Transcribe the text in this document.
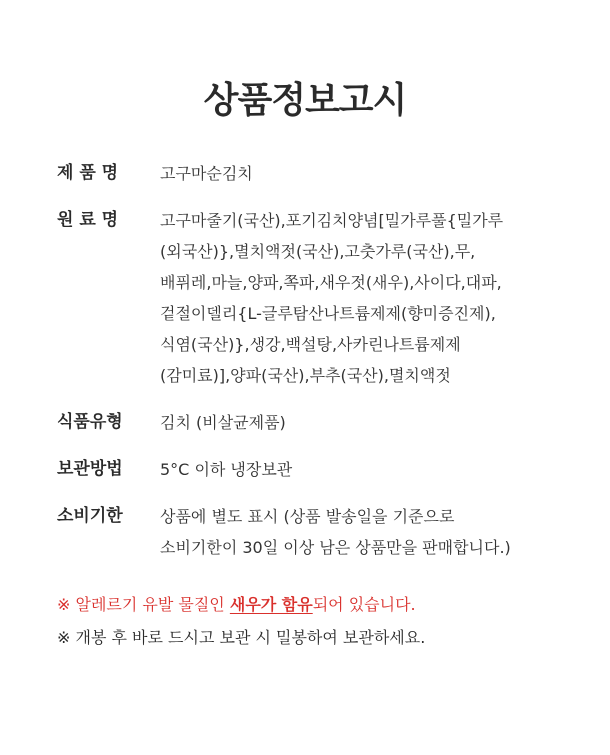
상품정보고시
제 품 명	고구마순김치
원 료 명	고구마줄기(국산),포기김치양념[밀가루풀{밀가루
(외국산)},멸치액젓(국산),고춧가루(국산),무,
배퓌레,마늘,양파,쪽파,새우젓(새우),사이다,대파,
겉절이델리{L-글루탐산나트륨제제(향미증진제),
식염(국산)},생강,백설탕,사카린나트륨제제
(감미료)],양파(국산),부추(국산),멸치액젓
식품유형	김치 (비살균제품)
보관방법	5°C 이하 냉장보관
소비기한	상품에 별도 표시 (상품 발송일을 기준으로
소비기한이 30일 이상 남은 상품만을 판매합니다.)
※ 알레르기 유발 물질인 새우가 함유되어 있습니다.
※ 개봉 후 바로 드시고 보관 시 밀봉하여 보관하세요.
